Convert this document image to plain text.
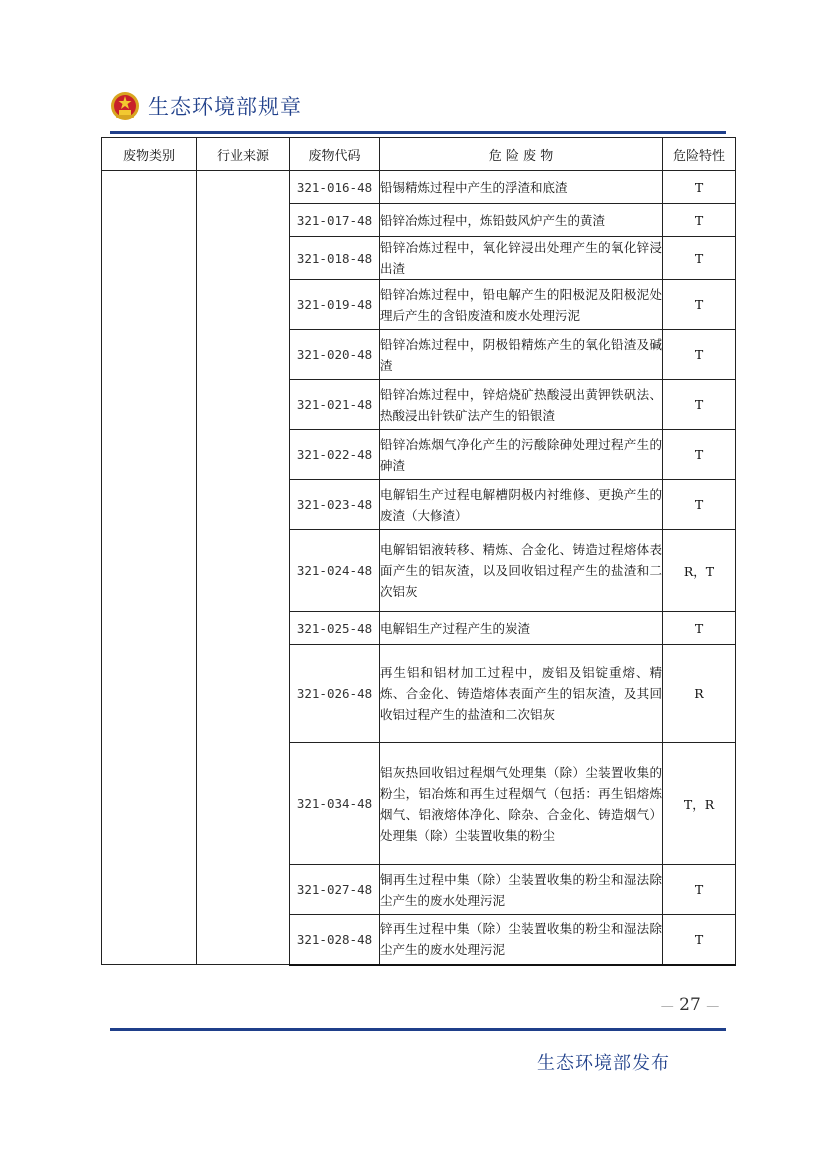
生态环境部规章
废物类别	行业来源	废物代码	危 险 废 物	危险特性
		321-016-48	铅锡精炼过程中产生的浮渣和底渣	T
		321-017-48	铅锌冶炼过程中，炼铅鼓风炉产生的黄渣	T
		321-018-48	铅锌冶炼过程中，氧化锌浸出处理产生的氧化锌浸出渣	T
		321-019-48	铅锌冶炼过程中，铅电解产生的阳极泥及阳极泥处理后产生的含铅废渣和废水处理污泥	T
		321-020-48	铅锌冶炼过程中，阴极铅精炼产生的氧化铅渣及碱渣	T
		321-021-48	铅锌冶炼过程中，锌焙烧矿热酸浸出黄钾铁矾法、热酸浸出针铁矿法产生的铅银渣	T
		321-022-48	铅锌冶炼烟气净化产生的污酸除砷处理过程产生的砷渣	T
		321-023-48	电解铝生产过程电解槽阴极内衬维修、更换产生的废渣（大修渣）	T
		321-024-48	电解铝铝液转移、精炼、合金化、铸造过程熔体表面产生的铝灰渣，以及回收铝过程产生的盐渣和二次铝灰	R，T
		321-025-48	电解铝生产过程产生的炭渣	T
		321-026-48	再生铝和铝材加工过程中，废铝及铝锭重熔、精炼、合金化、铸造熔体表面产生的铝灰渣，及其回收铝过程产生的盐渣和二次铝灰	R
		321-034-48	铝灰热回收铝过程烟气处理集（除）尘装置收集的粉尘，铝冶炼和再生过程烟气（包括：再生铝熔炼烟气、铝液熔体净化、除杂、合金化、铸造烟气）处理集（除）尘装置收集的粉尘	T，R
		321-027-48	铜再生过程中集（除）尘装置收集的粉尘和湿法除尘产生的废水处理污泥	T
		321-028-48	锌再生过程中集（除）尘装置收集的粉尘和湿法除尘产生的废水处理污泥	T
— 27 —
生态环境部发布
